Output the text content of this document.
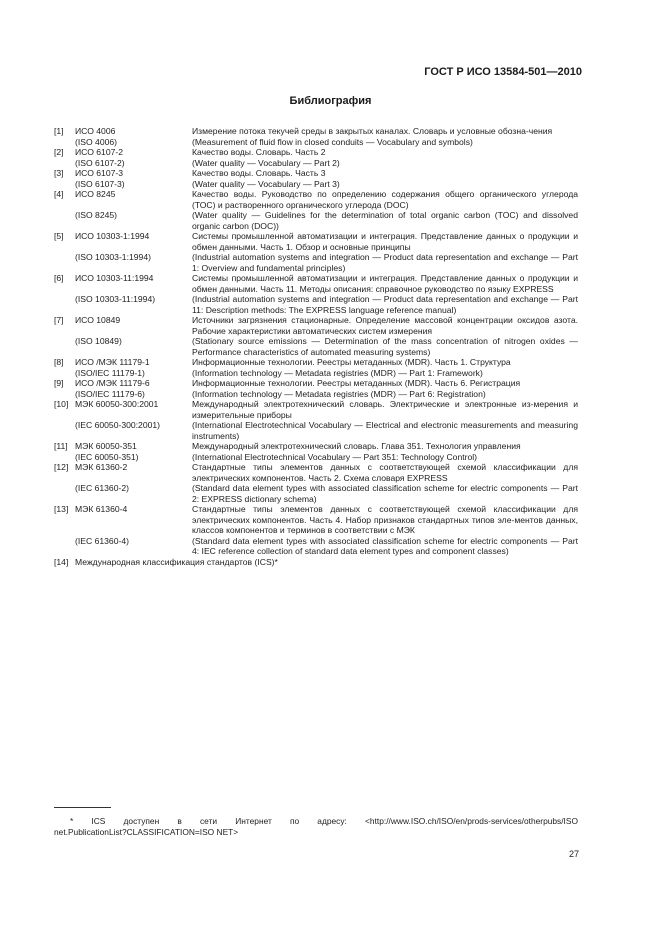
ГОСТ Р ИСО 13584-501—2010
Библиография
[1]	ИСО 4006	Измерение потока текучей среды в закрытых каналах. Словарь и условные обозна-чения
(ISO 4006)	(Measurement of fluid flow in closed conduits — Vocabulary and symbols)
[2]	ИСО 6107-2	Качество воды. Словарь. Часть 2
(ISO 6107-2)	(Water quality — Vocabulary — Part 2)
[3]	ИСО 6107-3	Качество воды. Словарь. Часть 3
(ISO 6107-3)	(Water quality — Vocabulary — Part 3)
[4]	ИСО 8245	Качество воды. Руководство по определению содержания общего органического углерода (ТОС) и растворенного органического углерода (DOC)
(ISO 8245)	(Water quality — Guidelines for the determination of total organic carbon (TOC) and dissolved organic carbon (DOC))
[5]	ИСО 10303-1:1994	Системы промышленной автоматизации и интеграция. Представление данных о продукции и обмен данными. Часть 1. Обзор и основные принципы
(ISO 10303-1:1994)	(Industrial automation systems and integration — Product data representation and exchange — Part 1: Overview and fundamental principles)
[6]	ИСО 10303-11:1994	Системы промышленной автоматизации и интеграция. Представление данных о продукции и обмен данными. Часть 11. Методы описания: справочное руководство по языку EXPRESS
(ISO 10303-11:1994)	(Industrial automation systems and integration — Product data representation and exchange — Part 11: Description methods: The EXPRESS language reference manual)
[7]	ИСО 10849	Источники загрязнения стационарные. Определение массовой концентрации оксидов азота. Рабочие характеристики автоматических систем измерения
(ISO 10849)	(Stationary source emissions — Determination of the mass concentration of nitrogen oxides — Performance characteristics of automated measuring systems)
[8]	ИСО /МЭК 11179-1	Информационные технологии. Реестры метаданных (MDR). Часть 1. Структура
(ISO/IEC 11179-1)	(Information technology — Metadata registries (MDR) — Part 1: Framework)
[9]	ИСО /МЭК 11179-6	Информационные технологии. Реестры метаданных (MDR). Часть 6. Регистрация
(ISO/IEC 11179-6)	(Information technology — Metadata registries (MDR) — Part 6: Registration)
[10] МЭК 60050-300:2001	Международный электротехнический словарь. Электрические и электронные из-мерения и измерительные приборы
(IEC 60050-300:2001)	(International Electrotechnical Vocabulary — Electrical and electronic measurements and measuring instruments)
[11] МЭК 60050-351	Международный электротехнический словарь. Глава 351. Технология управления
(IEC 60050-351)	(International Electrotechnical Vocabulary — Part 351: Technology Control)
[12] МЭК 61360-2	Стандартные типы элементов данных с соответствующей схемой классификации для электрических компонентов. Часть 2. Схема словаря EXPRESS
(IEC 61360-2)	(Standard data element types with associated classification scheme for electric components — Part 2: EXPRESS dictionary schema)
[13] МЭК 61360-4	Стандартные типы элементов данных с соответствующей схемой классификации для электрических компонентов. Часть 4. Набор признаков стандартных типов эле-ментов данных, классов компонентов и терминов в соответствии с МЭК
(IEC 61360-4)	(Standard data element types with associated classification scheme for electric components — Part 4: IEC reference collection of standard data element types and component classes)
[14] Международная классификация стандартов (ICS)*
* ICS доступен в сети Интернет по адресу: <http://www.ISO.ch/ISO/en/prods-services/otherpubs/ISO
net.PublicationList?CLASSIFICATION=ISO NET>
27
